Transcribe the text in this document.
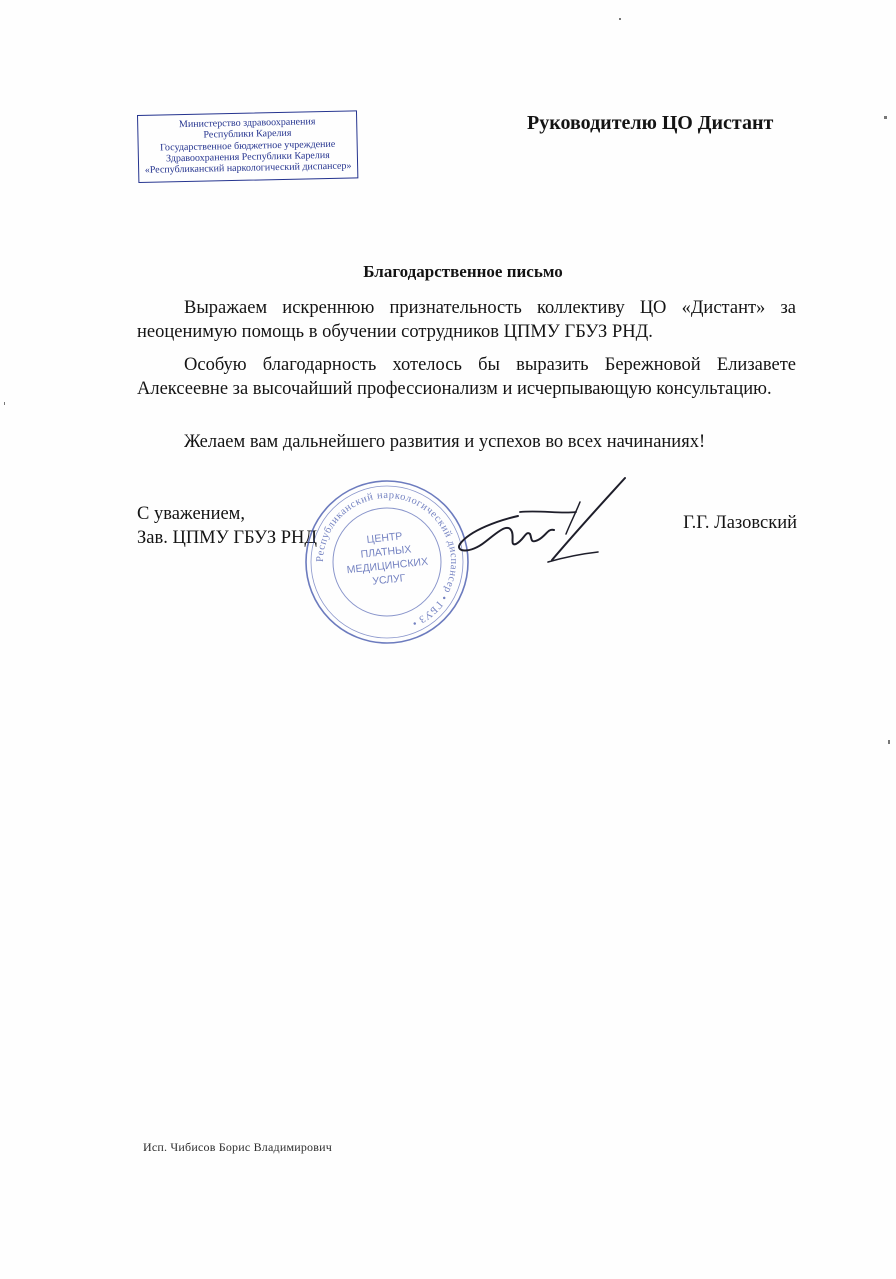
Министерство здравоохранения
Республики Карелия
Государственное бюджетное учреждение
Здравоохранения Республики Карелия
«Республиканский наркологический диспансер»
Руководителю ЦО Дистант
Благодарственное письмо

Выражаем искреннюю признательность коллективу ЦО «Дистант» за неоценимую помощь в обучении сотрудников ЦПМУ ГБУЗ РНД.

Особую благодарность хотелось бы выразить Бережновой Елизавете Алексеевне за высочайший профессионализм и исчерпывающую консультацию.

Желаем вам дальнейшего развития и успехов во всех начинаниях!

С уважением,
Зав. ЦПМУ ГБУЗ РНД
Республиканский наркологический диспансер • ГБУЗ •
ЦЕНТР
ПЛАТНЫХ
МЕДИЦИНСКИХ
УСЛУГ
Г.Г. Лазовский
Исп. Чибисов Борис Владимирович
